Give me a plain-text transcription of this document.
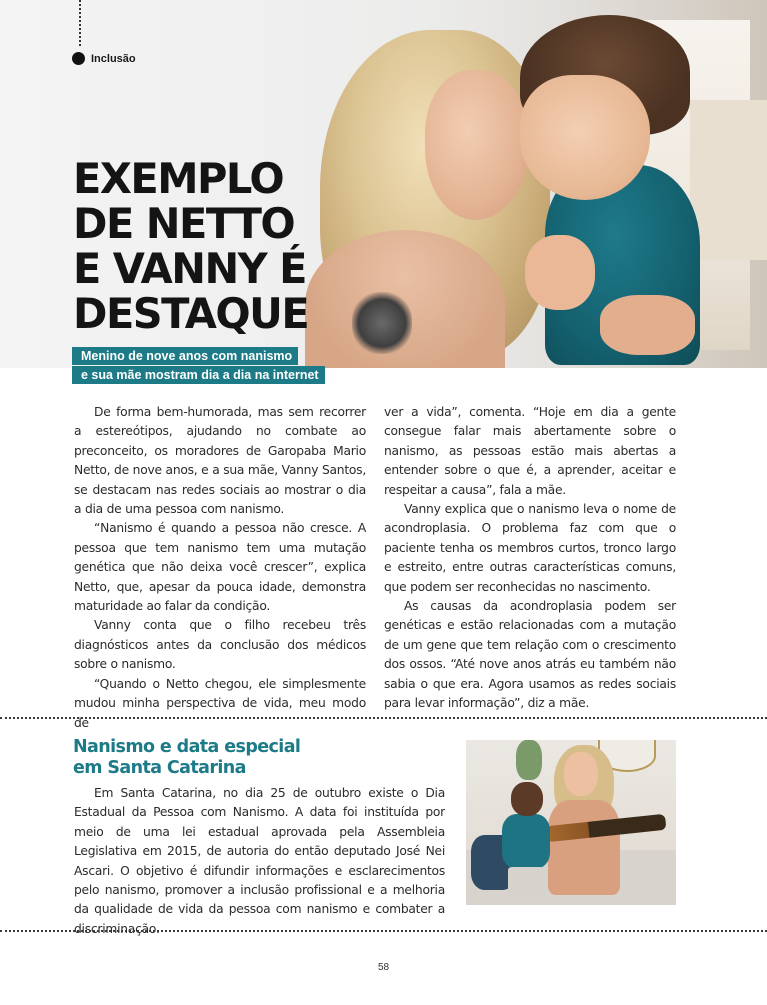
Inclusão
EXEMPLO
DE NETTO
E VANNY É
DESTAQUE
Menino de nove anos com nanismo
e sua mãe mostram dia a dia na internet

De forma bem-humorada, mas sem recorrer a estereótipos, ajudando no combate ao preconceito, os moradores de Garopaba Mario Netto, de nove anos, e a sua mãe, Vanny Santos, se destacam nas redes sociais ao mostrar o dia a dia de uma pessoa com nanismo.

“Nanismo é quando a pessoa não cresce. A pessoa que tem nanismo tem uma mutação genética que não deixa você crescer”, explica Netto, que, apesar da pouca idade, demonstra maturidade ao falar da condição.

Vanny conta que o filho recebeu três diagnósticos antes da conclusão dos médicos sobre o nanismo.

“Quando o Netto chegou, ele simplesmente mudou minha perspectiva de vida, meu modo de

ver a vida”, comenta. “Hoje em dia a gente consegue falar mais abertamente sobre o nanismo, as pessoas estão mais abertas a entender sobre o que é, a aprender, aceitar e respeitar a causa”, fala a mãe.

Vanny explica que o nanismo leva o nome de acondroplasia. O problema faz com que o paciente tenha os membros curtos, tronco largo e estreito, entre outras características comuns, que podem ser reconhecidas no nascimento.

As causas da acondroplasia podem ser genéticas e estão relacionadas com a mutação de um gene que tem relação com o crescimento dos ossos. “Até nove anos atrás eu também não sabia o que era. Agora usamos as redes sociais para levar informação”, diz a mãe.

Nanismo e data especial
em Santa Catarina

Em Santa Catarina, no dia 25 de outubro existe o Dia Estadual da Pessoa com Nanismo. A data foi instituída por meio de uma lei estadual aprovada pela Assembleia Legislativa em 2015, de autoria do então deputado José Nei Ascari. O objetivo é difundir informações e esclarecimentos pelo nanismo, promover a inclusão profissional e a melhoria da qualidade de vida da pessoa com nanismo e combater a discriminação.

58
